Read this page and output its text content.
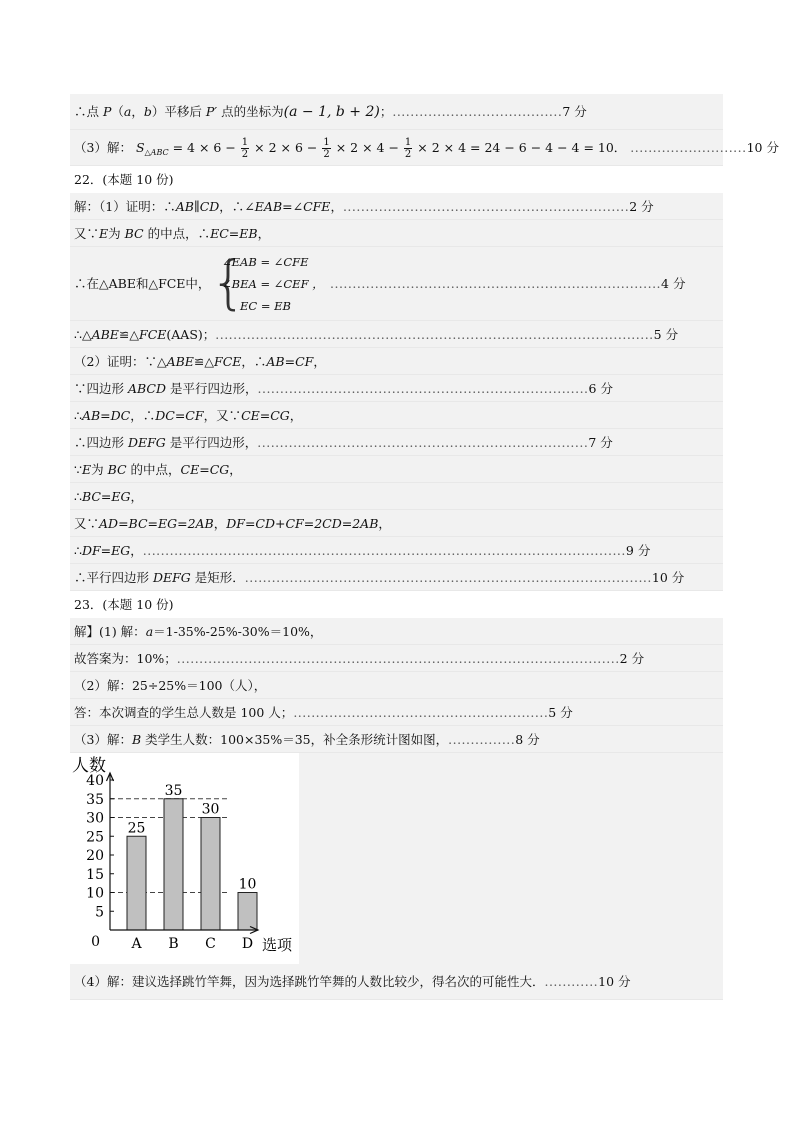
∴点 P（a，b）平移后 P′ 点的坐标为(a − 1, b + 2)；......................................7 分
（3）解： $S_{\triangle ABC} = 4 \times 6 - \frac{1}{2} \times 2 \times 6 - \frac{1}{2} \times 2 \times 4 - \frac{1}{2} \times 2 \times 4 = 24 - 6 - 4 - 4 = 10$． ..........................10 分
22．(本题 10 份)
解：（1）证明：∴AB∥CD，∴∠EAB=∠CFE，................................................................2 分
又∵E为 BC 的中点，∴EC=EB，
∴在△ABE和△FCE中， {
∠EAB = ∠CFE
∠BEA = ∠CEF ，
EC = EB
..........................................................................4 分
∴△ABE≌△FCE(AAS)；..................................................................................................5 分
（2）证明：∵△ABE≌△FCE，∴AB=CF，
∵四边形 ABCD 是平行四边形，..........................................................................6 分
∴AB=DC，∴DC=CF，又∵CE=CG，
∴四边形 DEFG 是平行四边形，..........................................................................7 分
∵E为 BC 的中点，CE=CG，
∴BC=EG，
又∵AD=BC=EG=2AB，DF=CD+CF=2CD=2AB，
∴DF=EG，............................................................................................................9 分
∴平行四边形 DEFG 是矩形．...........................................................................................10 分
23．(本题 10 份)
解】(1) 解：a＝1-35%-25%-30%＝10%，
故答案为：10%；...................................................................................................2 分
（2）解：25÷25%＝100（人），
答：本次调查的学生总人数是 100 人；.........................................................5 分
（3）解：B 类学生人数：100×35%＝35，补全条形统计图如图，...............8 分
25
A
35
B
30
C
10
D
0
5
10
15
20
25
30
35
40
人数
选项
（4）解：建议选择跳竹竿舞，因为选择跳竹竿舞的人数比较少，得名次的可能性大．............10 分
